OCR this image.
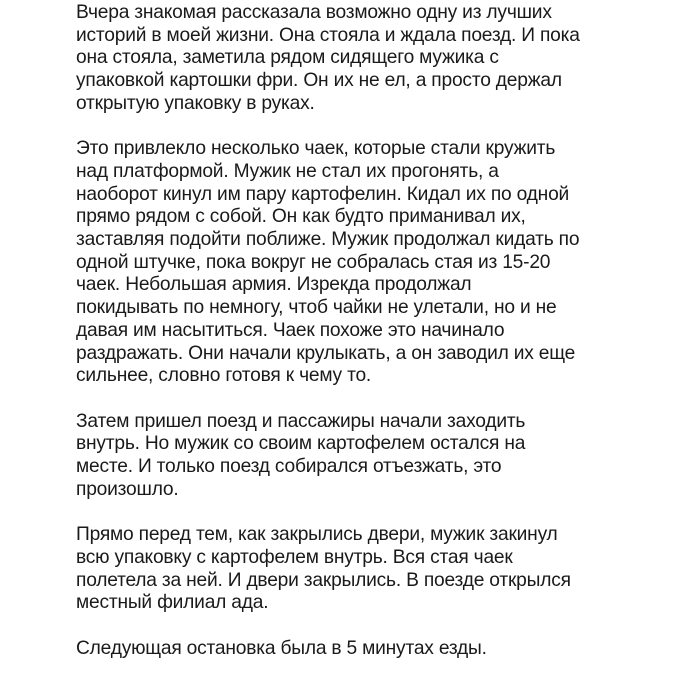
Вчера знакомая рассказала возможно одну из лучших
историй в моей жизни. Она стояла и ждала поезд. И пока
она стояла, заметила рядом сидящего мужика с
упаковкой картошки фри. Он их не ел, а просто держал
открытую упаковку в руках.

Это привлекло несколько чаек, которые стали кружить
над платформой. Мужик не стал их прогонять, а
наоборот кинул им пару картофелин. Кидал их по одной
прямо рядом с собой. Он как будто приманивал их,
заставляя подойти поближе. Мужик продолжал кидать по
одной штучке, пока вокруг не собралась стая из 15-20
чаек. Небольшая армия. Изрекда продолжал
покидывать по немногу, чтоб чайки не улетали, но и не
давая им насытиться. Чаек похоже это начинало
раздражать. Они начали крулыкать, а он заводил их еще
сильнее, словно готовя к чему то.

Затем пришел поезд и пассажиры начали заходить
внутрь. Но мужик со своим картофелем остался на
месте. И только поезд собирался отъезжать, это
произошло.

Прямо перед тем, как закрылись двери, мужик закинул
всю упаковку с картофелем внутрь. Вся стая чаек
полетела за ней. И двери закрылись. В поезде открылся
местный филиал ада.

Следующая остановка была в 5 минутах езды.
